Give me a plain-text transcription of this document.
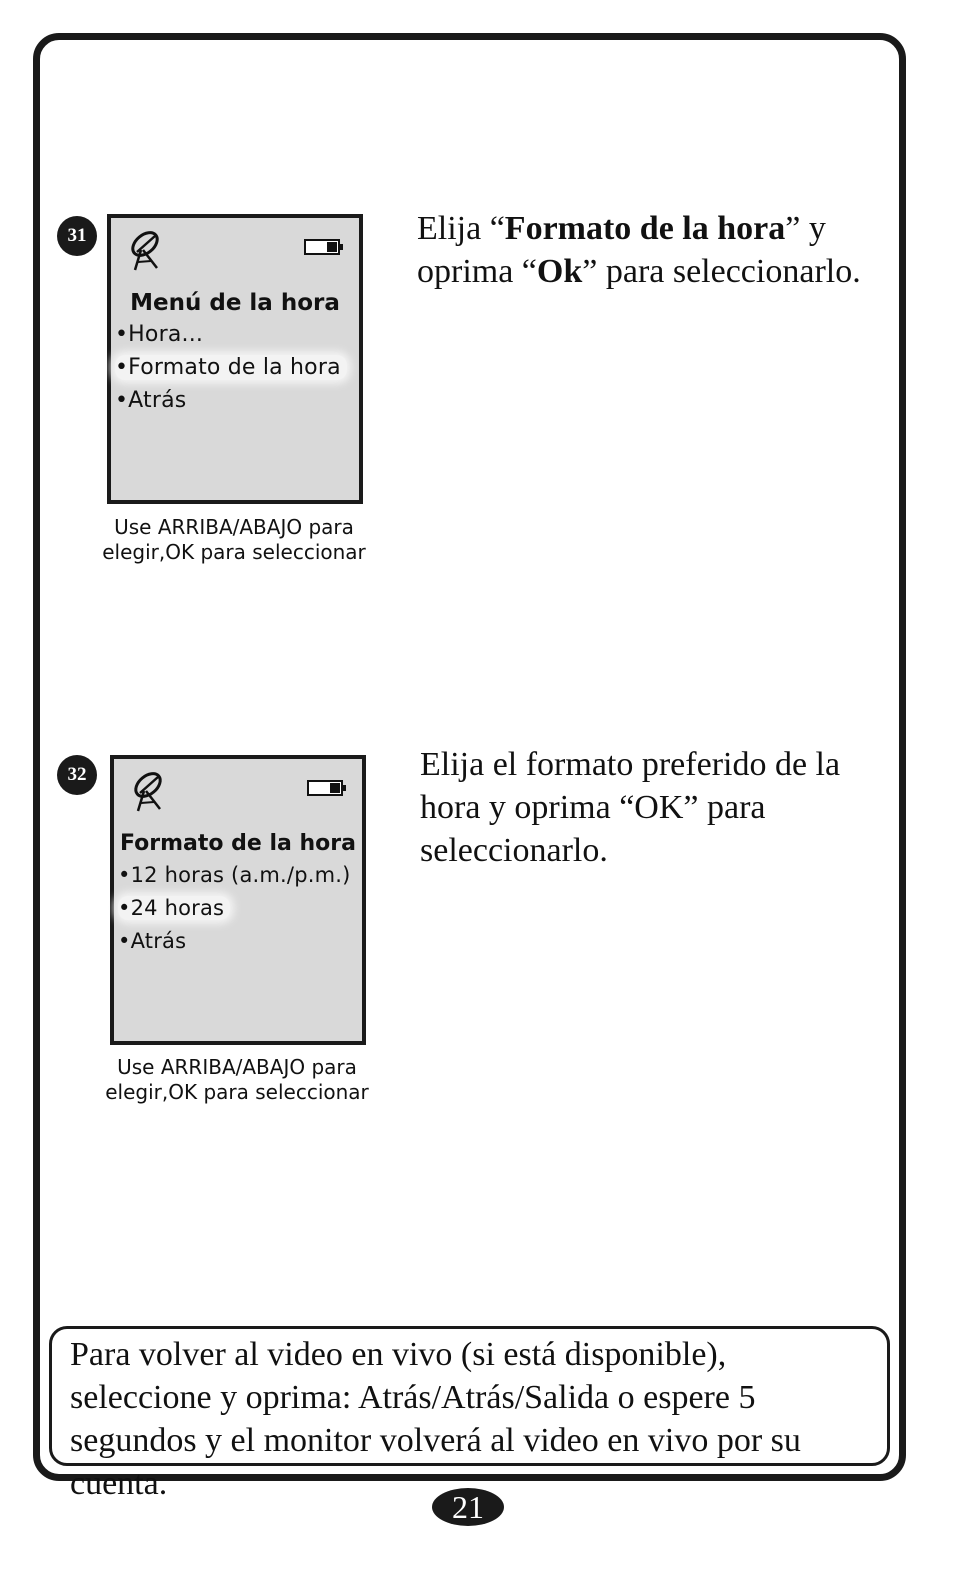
31
Menú de la hora
•Hora...
•Formato de la hora
•Atrás
Use ARRIBA/ABAJO para
elegir,OK para seleccionar
Elija “Formato de la hora” y oprima “Ok” para seleccionarlo.
32
Formato de la hora
•12 horas (a.m./p.m.)
•24 horas
•Atrás
Use ARRIBA/ABAJO para
elegir,OK para seleccionar
Elija el formato preferido de la hora y oprima “OK” para seleccionarlo.
Para volver al video en vivo (si está disponible), seleccione y oprima: Atrás/Atrás/Salida o espere 5 segundos y el monitor volverá al video en vivo por su cuenta.
21
